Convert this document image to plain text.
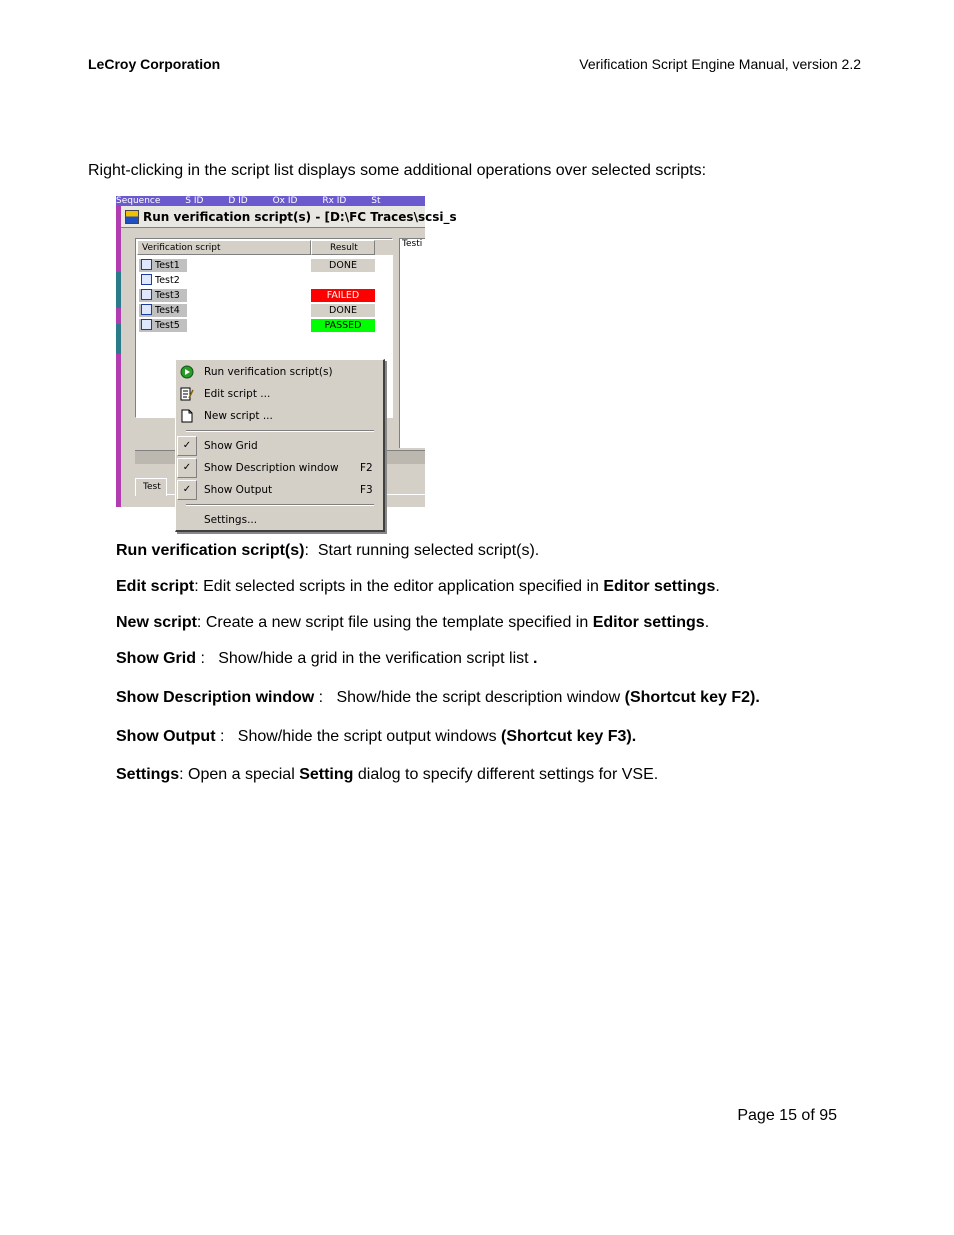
LeCroy Corporation	Verification Script Engine Manual, version 2.2
Right-clicking in the script list displays some additional operations over selected scripts:
Sequence	S ID	D ID	Ox ID	Rx ID	St
Run verification script(s) - [D:\FC Traces\scsi_s
Verification script	Result
Test1	DONE
Test2
Test3	FAILED
Test4	DONE
Test5	PASSED
Testi
Test
Run verification script(s)
Edit script ...
New script ...
✓	Show Grid
✓	Show Description window F2
✓	Show Output	F3
Settings...
Run verification script(s):  Start running selected script(s).
Edit script: Edit selected scripts in the editor application specified in Editor settings.
New script: Create a new script file using the template specified in Editor settings.
Show Grid :   Show/hide a grid in the verification script list .
Show Description window :   Show/hide the script description window (Shortcut key F2).
Show Output :   Show/hide the script output windows (Shortcut key F3).
Settings: Open a special Setting dialog to specify different settings for VSE.
Page 15 of 95
